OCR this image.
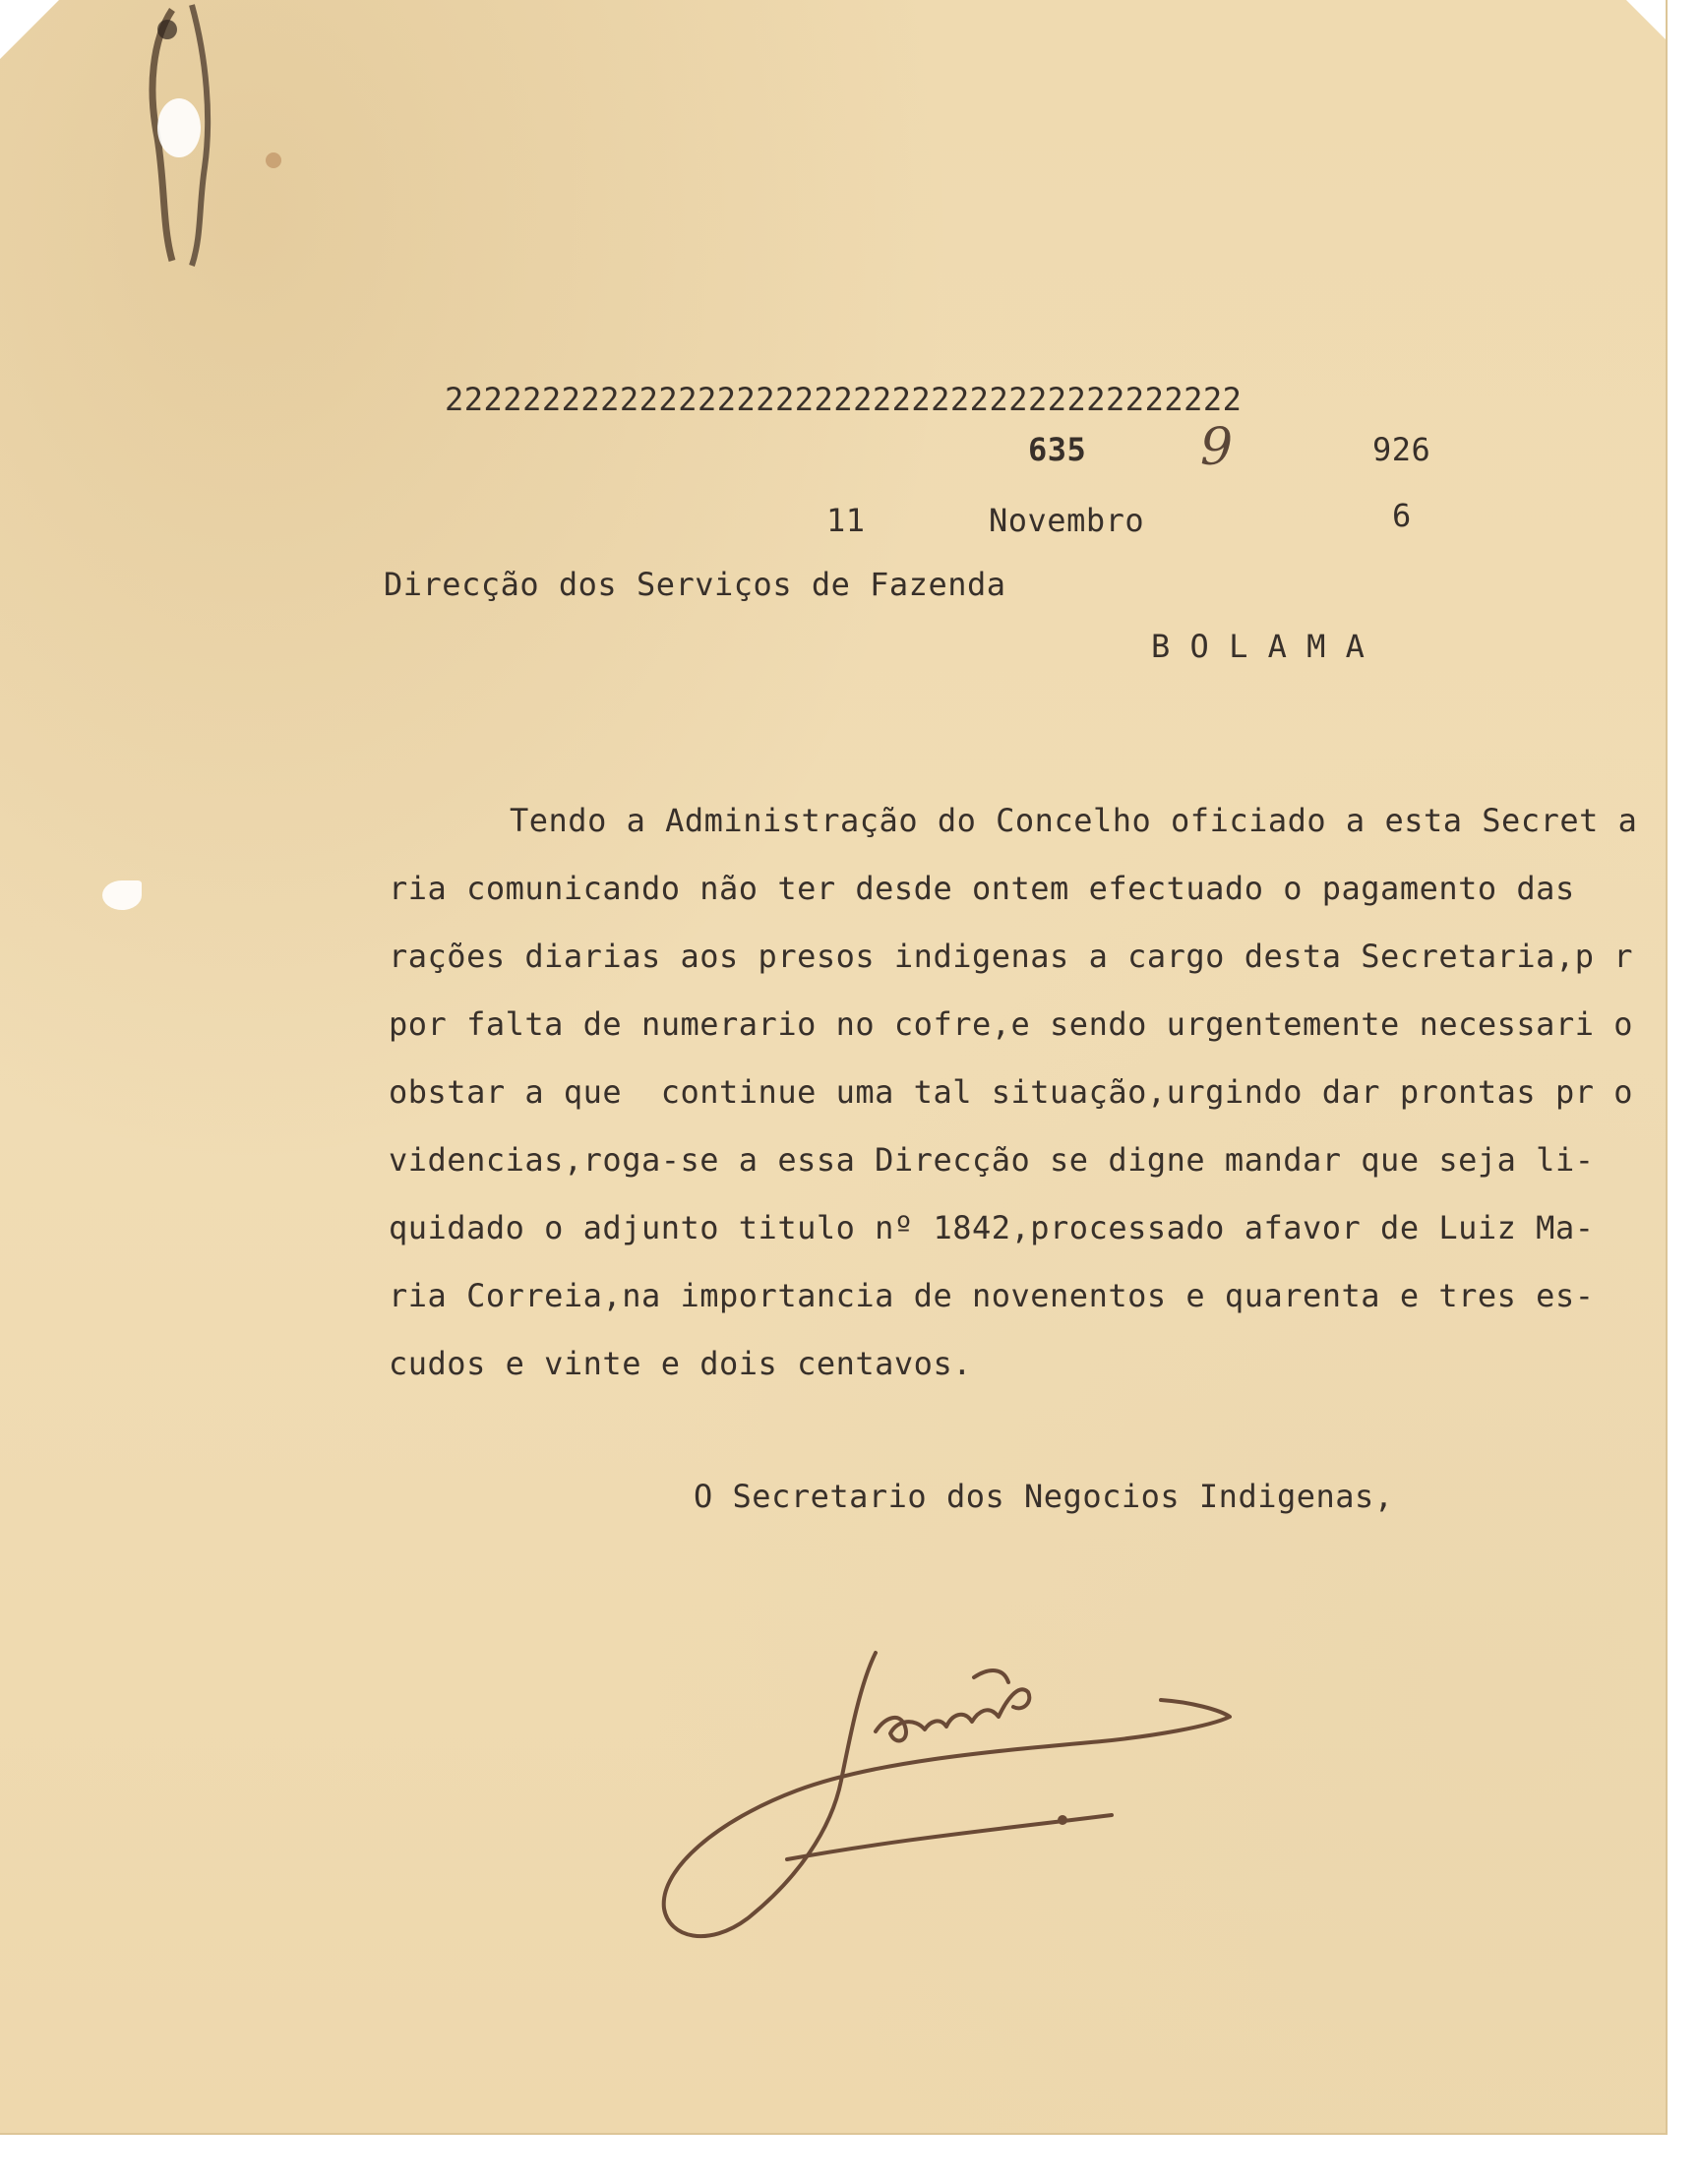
22222222222222222222222222222222222222222
635 9	926
11	Novembro	6
Direcção dos Serviços de Fazenda
B O L A M A
Tendo a Administração do Concelho oficiado a esta Secret a
ria comunicando não ter desde ontem efectuado o pagamento das
rações diarias aos presos indigenas a cargo desta Secretaria,p r
por falta de numerario no cofre,e sendo urgentemente necessari o
obstar a que  continue uma tal situação,urgindo dar prontas pr o
videncias,roga-se a essa Direcção se digne mandar que seja li-
quidado o adjunto titulo nº 1842,processado afavor de Luiz Ma-
ria Correia,na importancia de novenentos e quarenta e tres es-
cudos e vinte e dois centavos.
O Secretario dos Negocios Indigenas,
